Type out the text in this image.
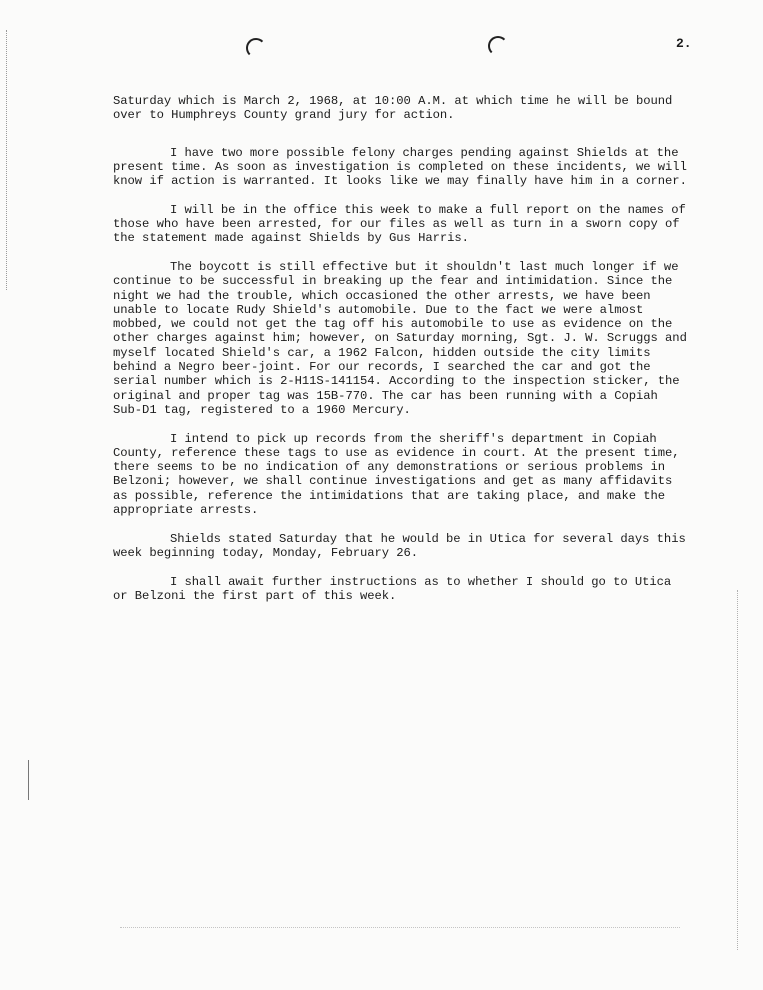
2.

Saturday which is March 2, 1968, at 10:00 A.M. at which time he will be bound over to Humphreys County grand jury for action.

I have two more possible felony charges pending against Shields at the present time. As soon as investigation is completed on these incidents, we will know if action is warranted. It looks like we may finally have him in a corner.

I will be in the office this week to make a full report on the names of those who have been arrested, for our files as well as turn in a sworn copy of the statement made against Shields by Gus Harris.

The boycott is still effective but it shouldn't last much longer if we continue to be successful in breaking up the fear and intimidation. Since the night we had the trouble, which occasioned the other arrests, we have been unable to locate Rudy Shield's automobile. Due to the fact we were almost mobbed, we could not get the tag off his automobile to use as evidence on the other charges against him; however, on Saturday morning, Sgt. J. W. Scruggs and myself located Shield's car, a 1962 Falcon, hidden outside the city limits behind a Negro beer-joint. For our records, I searched the car and got the serial number which is 2-H11S-141154. According to the inspection sticker, the original and proper tag was 15B-770. The car has been running with a Copiah Sub-D1 tag, registered to a 1960 Mercury.

I intend to pick up records from the sheriff's department in Copiah County, reference these tags to use as evidence in court. At the present time, there seems to be no indication of any demonstrations or serious problems in Belzoni; however, we shall continue investigations and get as many affidavits as possible, reference the intimidations that are taking place, and make the appropriate arrests.

Shields stated Saturday that he would be in Utica for several days this week beginning today, Monday, February 26.

I shall await further instructions as to whether I should go to Utica or Belzoni the first part of this week.
